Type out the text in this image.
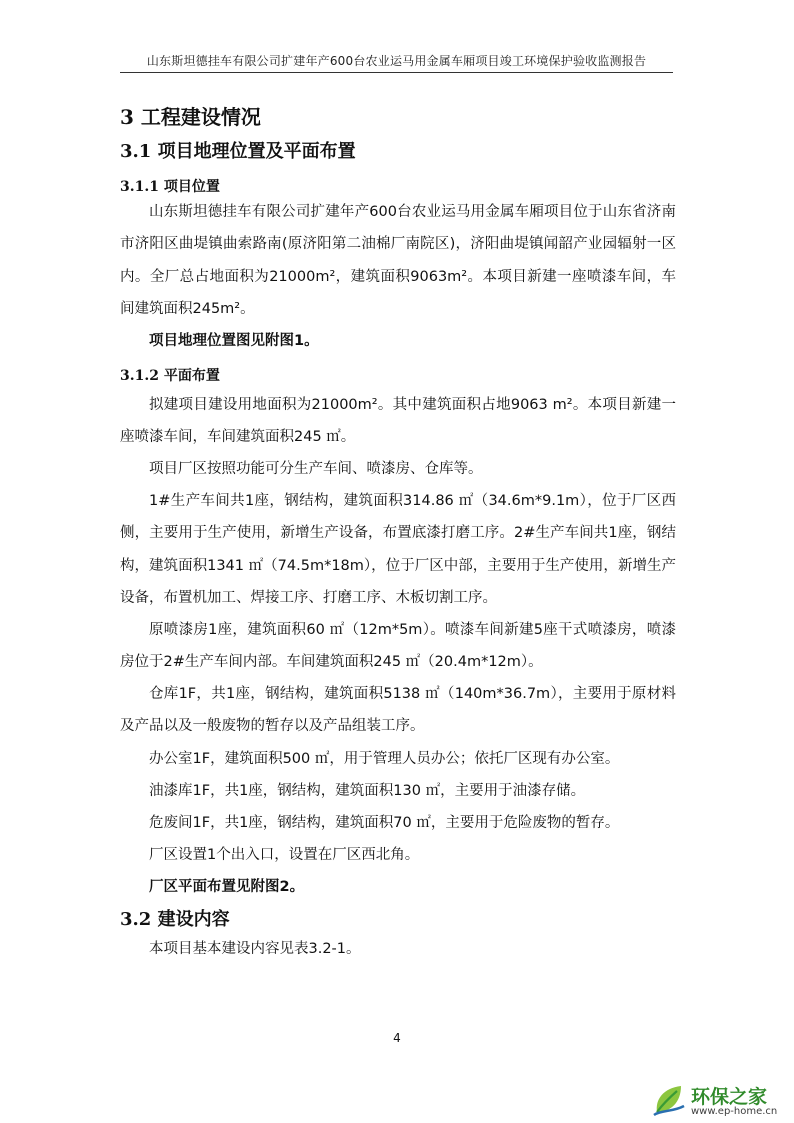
山东斯坦德挂车有限公司扩建年产600台农业运马用金属车厢项目竣工环境保护验收监测报告
3 工程建设情况
3.1 项目地理位置及平面布置
3.1.1 项目位置
山东斯坦德挂车有限公司扩建年产600台农业运马用金属车厢项目位于山东省济南市济阳区曲堤镇曲索路南(原济阳第二油棉厂南院区)，济阳曲堤镇闻韶产业园辐射一区内。全厂总占地面积为21000m²，建筑面积9063m²。本项目新建一座喷漆车间，车间建筑面积245m²。
项目地理位置图见附图1。
3.1.2 平面布置
拟建项目建设用地面积为21000m²。其中建筑面积占地9063 m²。本项目新建一座喷漆车间，车间建筑面积245 ㎡。
项目厂区按照功能可分生产车间、喷漆房、仓库等。
1#生产车间共1座，钢结构，建筑面积314.86 ㎡（34.6m*9.1m），位于厂区西侧，主要用于生产使用，新增生产设备，布置底漆打磨工序。2#生产车间共1座，钢结构，建筑面积1341 ㎡（74.5m*18m），位于厂区中部，主要用于生产使用，新增生产设备，布置机加工、焊接工序、打磨工序、木板切割工序。
原喷漆房1座，建筑面积60 ㎡（12m*5m）。喷漆车间新建5座干式喷漆房，喷漆房位于2#生产车间内部。车间建筑面积245 ㎡（20.4m*12m）。
仓库1F，共1座，钢结构，建筑面积5138 ㎡（140m*36.7m），主要用于原材料及产品以及一般废物的暂存以及产品组装工序。
办公室1F，建筑面积500 ㎡，用于管理人员办公；依托厂区现有办公室。
油漆库1F，共1座，钢结构，建筑面积130 ㎡，主要用于油漆存储。
危废间1F，共1座，钢结构，建筑面积70 ㎡，主要用于危险废物的暂存。
厂区设置1个出入口，设置在厂区西北角。
厂区平面布置见附图2。
3.2 建设内容
本项目基本建设内容见表3.2-1。
4
环保之家
www.ep-home.cn
